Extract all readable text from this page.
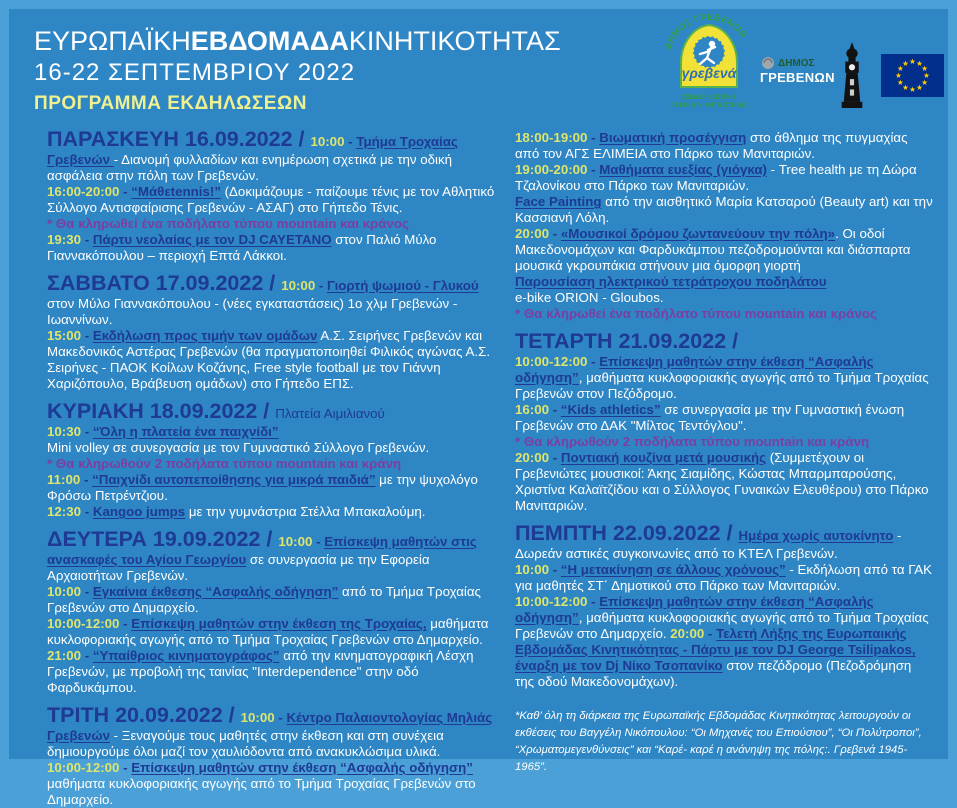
ΕΥΡΩΠΑΪΚΗΕΒΔΟΜΑΔΑΚΙΝΗΤΙΚΟΤΗΤΑΣ
16-22 ΣΕΠΤΕΜΒΡΙΟΥ 2022
ΠΡΟΓΡΑΜΜΑ ΕΚΔΗΛΩΣΕΩΝ
ΔΗΜΟΣ ΓΡΕΒΕΝΩΝ
γρεβενά
ΣΧΕΔΙΟ ΒΙΩΣΙΜΗΣ
ΑΣΤΙΚΗΣ ΚΙΝΗΤΙΚΟΤΗΤΑΣ
ΔΗΜΟΣ
ΓΡΕΒΕΝΩΝ
★ ★
★
★
★
★
★
★
★
★
★
★

ΠΑΡΑΣΚΕΥΗ 16.09.2022 / 10:00 - Τμήμα Τροχαίας Γρεβενών - Διανομή φυλλαδίων και ενημέρωση σχετικά με την οδική ασφάλεια στην πόλη των Γρεβενών.

16:00-20:00 - “Μάθεtennis!” (Δοκιμάζουμε - παίζουμε τένις με τον Αθλητικό Σύλλογο Αντισφαίρισης Γρεβενών - ΑΣΑΓ) στο Γήπεδο Τένις.

* Θα κληρωθεί ένα ποδήλατο τύπου mountain και κράνος

19:30 - Πάρτυ νεολαίας με τον DJ CAYETANO στον Παλιό Μύλο Γιαννακόπουλου – περιοχή Επτά Λάκκοι.

ΣΑΒΒΑΤΟ 17.09.2022 / 10:00 - Γιορτή ψωμιού - Γλυκού στον Μύλο Γιαννακόπουλου - (νέες εγκαταστάσεις) 1ο χλμ Γρεβενών - Ιωαννίνων.

15:00 - Εκδήλωση προς τιμήν των ομάδων Α.Σ. Σειρήνες Γρεβενών και Μακεδονικός Αστέρας Γρεβενών (θα πραγματοποιηθεί Φιλικός αγώνας Α.Σ. Σειρήνες - ΠΑΟΚ Κοίλων Κοζάνης, Free style football με τον Γιάννη Χαριζόπουλο, Βράβευση ομάδων) στο Γήπεδο ΕΠΣ.

ΚΥΡΙΑΚΗ 18.09.2022 / Πλατεία Αιμιλιανού

10:30 - “Όλη η πλατεία ένα παιχνίδι”

Mini volley σε συνεργασία με τον Γυμναστικό Σύλλογο Γρεβενών.

* Θα κληρωθούν 2 ποδήλατα τύπου mountain και κράνη

11:00 - “Παιχνίδι αυτοπεποίθησης για μικρά παιδιά” με την ψυχολόγο Φρόσω Πετρέντζιου.

12:30 - Kangoo jumps με την γυμνάστρια Στέλλα Μπακαλούμη.

ΔΕΥΤΕΡΑ 19.09.2022 / 10:00 - Επίσκεψη μαθητών στις ανασκαφές του Αγίου Γεωργίου σε συνεργασία με την Εφορεία Αρχαιοτήτων Γρεβενών.

10:00 - Εγκαίνια έκθεσης “Ασφαλής οδήγηση” από το Τμήμα Τροχαίας Γρεβενών στο Δημαρχείο.

10:00-12:00 - Επίσκεψη μαθητών στην έκθεση της Τροχαίας, μαθήματα κυκλοφοριακής αγωγής από το Τμήμα Τροχαίας Γρεβενών στο Δημαρχείο.

21:00 - “Υπαίθριος κινηματογράφος” από την κινηματογραφική Λέσχη Γρεβενών, με προβολή της ταινίας "Interdependence" στην οδό Φαρδυκάμπου.

ΤΡΙΤΗ 20.09.2022 / 10:00 - Κέντρο Παλαιοντολογίας Μηλιάς Γρεβενών - Ξεναγούμε τους μαθητές στην έκθεση και στη συνέχεια δημιουργούμε όλοι μαζί τον χαυλιόδοντα από ανακυκλώσιμα υλικά.

10:00-12:00 - Επίσκεψη μαθητών στην έκθεση “Ασφαλής οδήγηση” μαθήματα κυκλοφοριακής αγωγής από το Τμήμα Τροχαίας Γρεβενών στο Δημαρχείο.

18:00-19:00 - Βιωματική προσέγγιση στο άθλημα της πυγμαχίας από τον ΑΓΣ ΕΛΙΜΕΙΑ στο Πάρκο των Μανιταριών.

19:00-20:00 - Μαθήματα ευεξίας (γιόγκα) - Tree health με τη Δώρα Τζαλονίκου στο Πάρκο των Μανιταριών.

Face Painting από την αισθητικό Μαρία Κατσαρού (Beauty art) και την Κασσιανή Λόλη.

20:00 - «Μουσικοί δρόμου ζωντανεύουν την πόλη». Οι οδοί Μακεδονομάχων και Φαρδυκάμπου πεζοδρομούνται και διάσπαρτα μουσικά γκρουπάκια στήνουν μια όμορφη γιορτή

Παρουσίαση ηλεκτρικού τετράτροχου ποδηλάτου

e-bike ORION - Gloubos.

* Θα κληρωθεί ένα ποδήλατο τύπου mountain και κράνος

ΤΕΤΑΡΤΗ 21.09.2022 /

10:00-12:00 - Επίσκεψη μαθητών στην έκθεση “Ασφαλής οδήγηση”, μαθήματα κυκλοφοριακής αγωγής από το Τμήμα Τροχαίας Γρεβενών στον Πεζόδρομο.

16:00 - “Kids athletics” σε συνεργασία με την Γυμναστική ένωση Γρεβενών στο ΔΑΚ "Μίλτος Τεντόγλου".

* Θα κληρωθούν 2 ποδήλατα τύπου mountain και κράνη

20:00 - Ποντιακή κουζίνα μετά μουσικής (Συμμετέχουν οι Γρεβενιώτες μουσικοί: Άκης Σιαμίδης, Κώστας Μπαρμπαρούσης, Χριστίνα Καλαϊτζίδου και ο Σύλλογος Γυναικών Ελευθέρου) στο Πάρκο Μανιταριών.

ΠΕΜΠΤΗ 22.09.2022 / Ημέρα χωρίς αυτοκίνητο - Δωρεάν αστικές συγκοινωνίες από το ΚΤΕΛ Γρεβενών.

10:00 - “Η μετακίνηση σε άλλους χρόνους” - Εκδήλωση από τα ΓΑΚ για μαθητές ΣΤ΄ Δημοτικού στο Πάρκο των Μανιταριών.

10:00-12:00 - Επίσκεψη μαθητών στην έκθεση “Ασφαλής οδήγηση”, μαθήματα κυκλοφοριακής αγωγής από το Τμήμα Τροχαίας Γρεβενών στο Δημαρχείο. 20:00 - Τελετή Λήξης της Ευρωπαικής Εβδομάδας Κινητικότητας - Πάρτυ με τον DJ George Tsilipakos, έναρξη με τον Dj Νίκο Τσοπανίκο στον πεζόδρομο (Πεζοδρόμηση της οδού Μακεδονομάχων).

*Καθ’ όλη τη διάρκεια της Ευρωπαϊκής Εβδομάδας Κινητικότητας λειτουργούν οι εκθέσεις του Βαγγέλη Νικόπουλου: “Οι Μηχανές του Επιούσιου”, “Οι Πολύτροποι”, “Χρωματομεγενθύνσεις” και “Καρέ- καρέ η ανάνηψη της πόλης:. Γρεβενά 1945-1965”.
